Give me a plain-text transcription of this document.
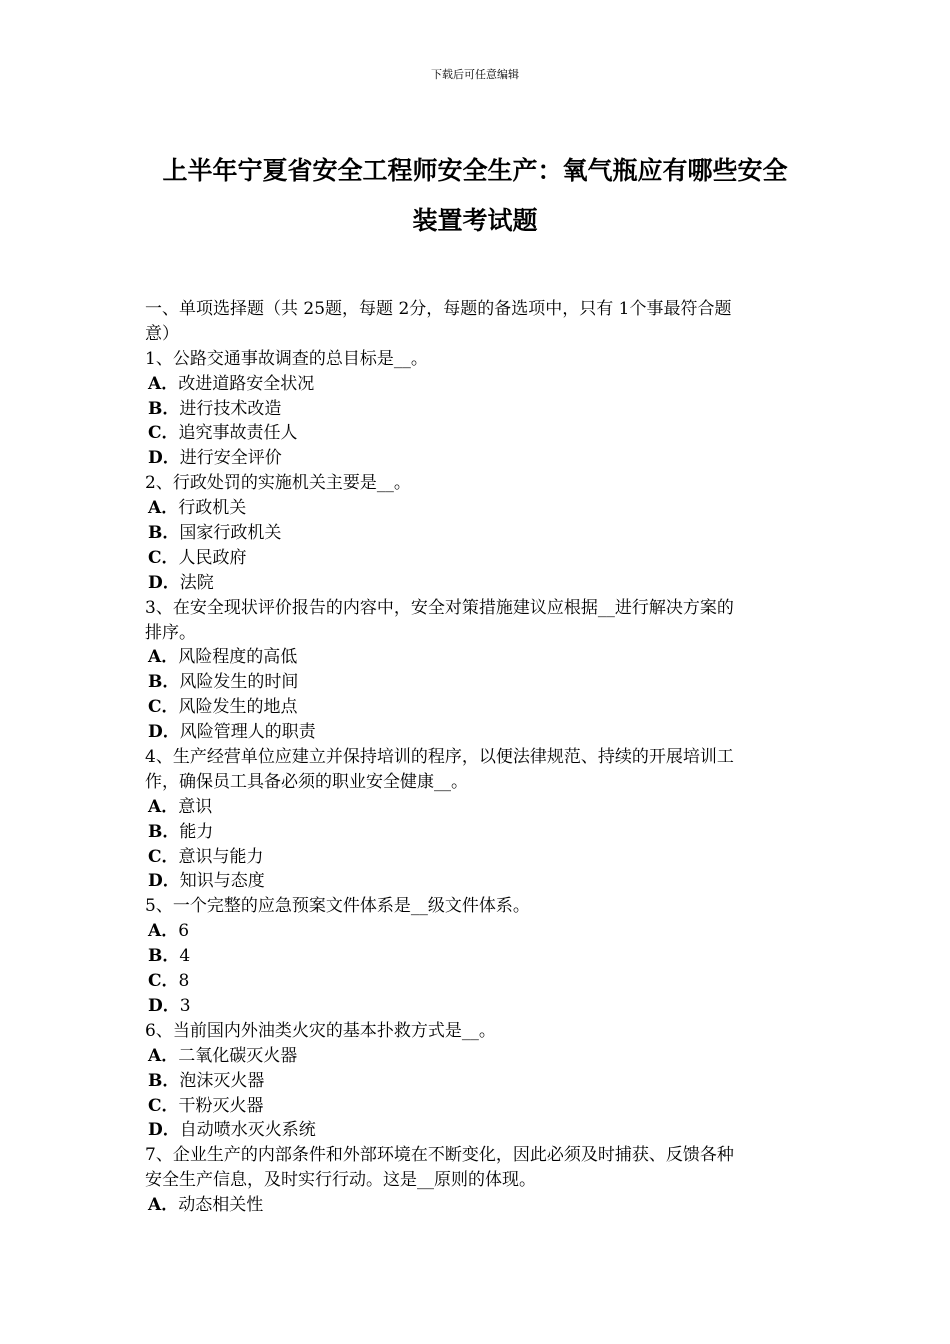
下载后可任意编辑
上半年宁夏省安全工程师安全生产：氧气瓶应有哪些安全
装置考试题
一、单项选择题（共 25题，每题 2分，每题的备选项中，只有 1个事最符合题
意）
1、公路交通事故调查的总目标是__。
A．改进道路安全状况
B．进行技术改造
C．追究事故责任人
D．进行安全评价
2、行政处罚的实施机关主要是__。
A．行政机关
B．国家行政机关
C．人民政府
D．法院
3、在安全现状评价报告的内容中，安全对策措施建议应根据__进行解决方案的
排序。
A．风险程度的高低
B．风险发生的时间
C．风险发生的地点
D．风险管理人的职责
4、生产经营单位应建立并保持培训的程序，以便法律规范、持续的开展培训工
作，确保员工具备必须的职业安全健康__。
A．意识
B．能力
C．意识与能力
D．知识与态度
5、一个完整的应急预案文件体系是__级文件体系。
A．6
B．4
C．8
D．3
6、当前国内外油类火灾的基本扑救方式是__。
A．二氧化碳灭火器
B．泡沫灭火器
C．干粉灭火器
D．自动喷水灭火系统
7、企业生产的内部条件和外部环境在不断变化，因此必须及时捕获、反馈各种
安全生产信息，及时实行行动。这是__原则的体现。
A．动态相关性
